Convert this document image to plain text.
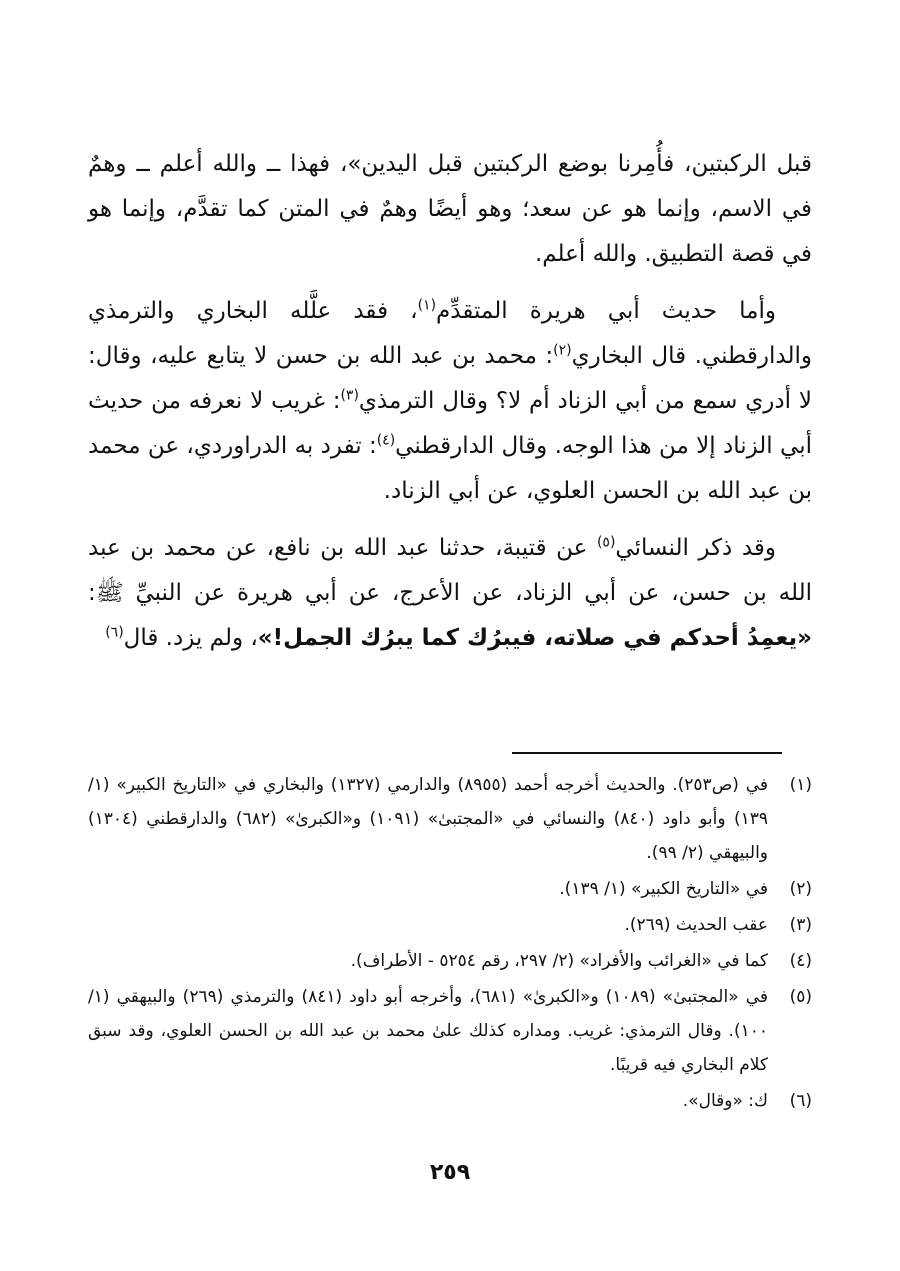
قبل الركبتين، فأُمِرنا بوضع الركبتين قبل اليدين»، فهذا ــ والله أعلم ــ وهمٌ في الاسم، وإنما هو عن سعد؛ وهو أيضًا وهمٌ في المتن كما تقدَّم، وإنما هو في قصة التطبيق. والله أعلم.

وأما حديث أبي هريرة المتقدِّم$^{(١)}$، فقد علَّله البخاري والترمذي والدارقطني. قال البخاري$^{(٢)}$: محمد بن عبد الله بن حسن لا يتابع عليه، وقال: لا أدري سمع من أبي الزناد أم لا؟ وقال الترمذي$^{(٣)}$: غريب لا نعرفه من حديث أبي الزناد إلا من هذا الوجه. وقال الدارقطني$^{(٤)}$: تفرد به الدراوردي، عن محمد بن عبد الله بن الحسن العلوي، عن أبي الزناد.

وقد ذكر النسائي$^{(٥)}$ عن قتيبة، حدثنا عبد الله بن نافع، عن محمد بن عبد الله بن حسن، عن أبي الزناد، عن الأعرج، عن أبي هريرة عن النبيِّ ﷺ: «يعمِدُ أحدكم في صلاته، فيبرُك كما يبرُك الجمل!»، ولم يزد. قال$^{(٦)}$

(١)
في (ص٢٥٣). والحديث أخرجه أحمد (٨٩٥٥) والدارمي (١٣٢٧) والبخاري في «التاريخ الكبير» (١/ ١٣٩) وأبو داود (٨٤٠) والنسائي في «المجتبىٰ» (١٠٩١) و«الكبرىٰ» (٦٨٢) والدارقطني (١٣٠٤) والبيهقي (٢/ ٩٩).
(٢)
في «التاريخ الكبير» (١/ ١٣٩).
(٣)
عقب الحديث (٢٦٩).
(٤)
كما في «الغرائب والأفراد» (٢/ ٢٩٧، رقم ٥٢٥٤ - الأطراف).
(٥)
في «المجتبىٰ» (١٠٨٩) و«الكبرىٰ» (٦٨١)، وأخرجه أبو داود (٨٤١) والترمذي (٢٦٩) والبيهقي (١/ ١٠٠). وقال الترمذي: غريب. ومداره كذلك علىٰ محمد بن عبد الله بن الحسن العلوي، وقد سبق كلام البخاري فيه قريبًا.
(٦)
ك: «وقال».
٢٥٩
